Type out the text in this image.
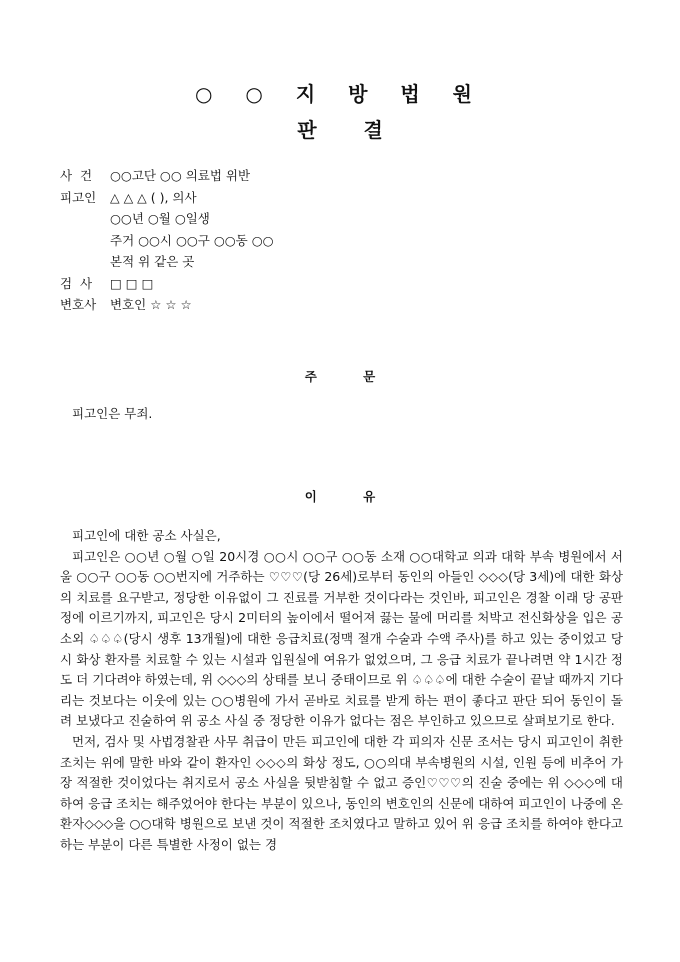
○ ○ 지 방 법 원
판 결
사 건 ○○고단 ○○ 의료법 위반
피고인 △ △ △ ( ), 의사
○○년 ○월 ○일생
주거 ○○시 ○○구 ○○동 ○○
본적 위 같은 곳
검 사 □ □ □
변호사 변호인 ☆ ☆ ☆
주 문

피고인은 무죄.

이 유

피고인에 대한 공소 사실은,

피고인은 ○○년 ○월 ○일 20시경 ○○시 ○○구 ○○동 소재 ○○대학교 의과 대학 부속 병원에서 서울 ○○구 ○○동 ○○번지에 거주하는 ♡♡♡(당 26세)로부터 동인의 아들인 ◇◇◇(당 3세)에 대한 화상의 치료를 요구받고, 정당한 이유없이 그 진료를 거부한 것이다라는 것인바, 피고인은 경찰 이래 당 공판정에 이르기까지, 피고인은 당시 2미터의 높이에서 떨어져 끓는 물에 머리를 처박고 전신화상을 입은 공소외 ♤♤♤(당시 생후 13개월)에 대한 응급치료(정맥 절개 수술과 수액 주사)를 하고 있는 중이었고 당시 화상 환자를 치료할 수 있는 시설과 입원실에 여유가 없었으며, 그 응급 치료가 끝나려면 약 1시간 정도 더 기다려야 하였는데, 위 ◇◇◇의 상태를 보니 중태이므로 위 ♤♤♤에 대한 수술이 끝날 때까지 기다리는 것보다는 이웃에 있는 ○○병원에 가서 곧바로 치료를 받게 하는 편이 좋다고 판단 되어 동인이 돌려 보냈다고 진술하여 위 공소 사실 중 정당한 이유가 없다는 점은 부인하고 있으므로 살펴보기로 한다.

먼저, 검사 및 사법경찰관 사무 취급이 만든 피고인에 대한 각 피의자 신문 조서는 당시 피고인이 취한 조치는 위에 말한 바와 같이 환자인 ◇◇◇의 화상 정도, ○○의대 부속병원의 시설, 인원 등에 비추어 가장 적절한 것이었다는 취지로서 공소 사실을 뒷받침할 수 없고 증인♡♡♡의 진술 중에는 위 ◇◇◇에 대하여 응급 조치는 해주었어야 한다는 부분이 있으나, 동인의 변호인의 신문에 대하여 피고인이 나중에 온 환자◇◇◇을 ○○대학 병원으로 보낸 것이 적절한 조치였다고 말하고 있어 위 응급 조치를 하여야 한다고 하는 부분이 다른 특별한 사정이 없는 경
